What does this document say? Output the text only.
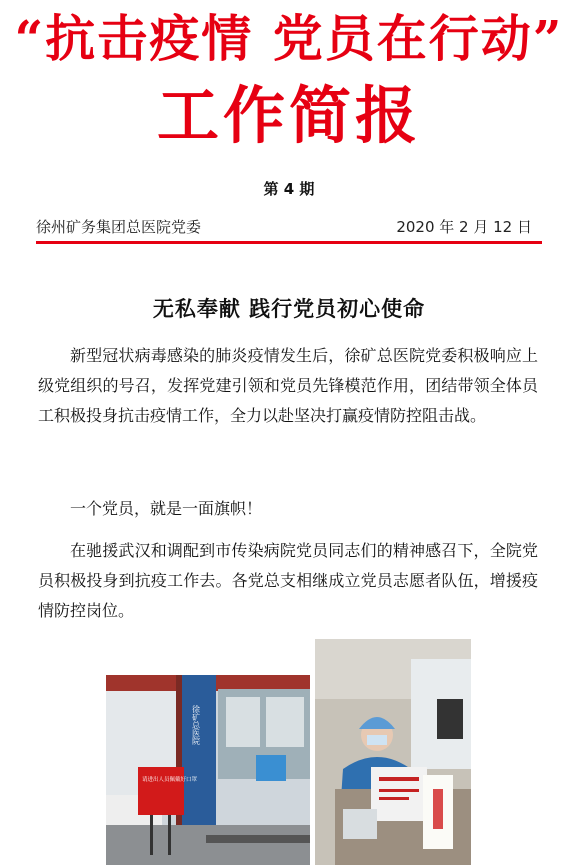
“抗击疫情 党员在行动”
工作简报
第 4 期
徐州矿务集团总医院党委	2020 年 2 月 12 日
无私奉献 践行党员初心使命

新型冠状病毒感染的肺炎疫情发生后，徐矿总医院党委积极响应上级党组织的号召，发挥党建引领和党员先锋模范作用，团结带领全体员工积极投身抗击疫情工作，全力以赴坚决打赢疫情防控阻击战。

一个党员，就是一面旗帜！

在驰援武汉和调配到市传染病院党员同志们的精神感召下，全院党员积极投身到抗疫工作去。各党总支相继成立党员志愿者队伍，增援疫情防控岗位。

徐矿总医院
请进出人员佩戴好口罩
